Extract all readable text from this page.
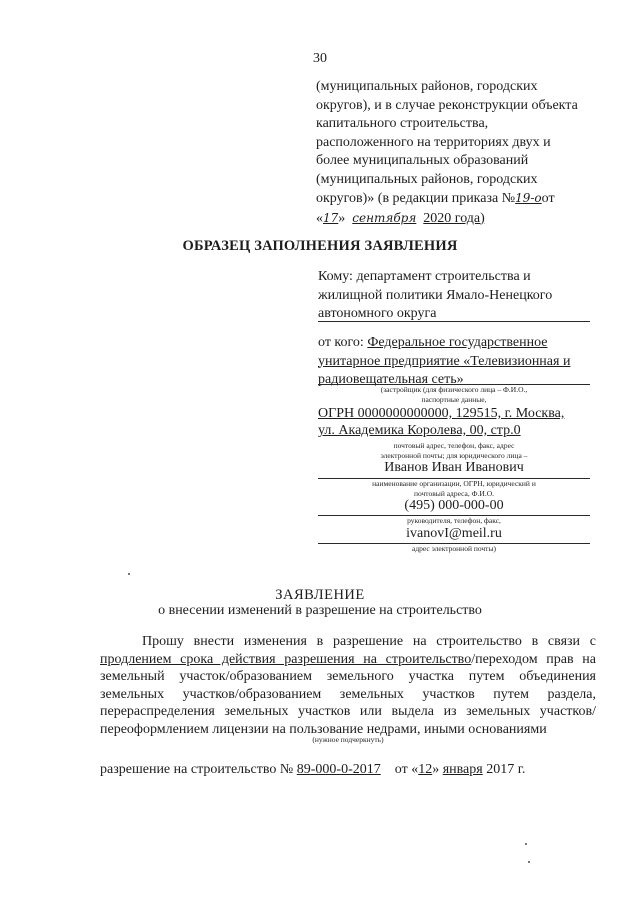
30
(муниципальных районов, городских
округов), и в случае реконструкции объекта
капитального строительства,
расположенного на территориях двух и
более муниципальных образований
(муниципальных районов, городских
округов)» (в редакции приказа №19-оот
«17» сентября 2020 года)
ОБРАЗЕЦ ЗАПОЛНЕНИЯ ЗАЯВЛЕНИЯ
Кому: департамент строительства и
жилищной политики Ямало-Ненецкого
автономного округа
от кого: Федеральное государственное
унитарное предприятие «Телевизионная и
радиовещательная сеть»
(застройщик (для физического лица – Ф.И.О.,
паспортные данные,
ОГРН 0000000000000, 129515, г. Москва,
ул. Академика Королева, 00, стр.0
почтовый адрес, телефон, факс, адрес
электронной почты; для юридического лица –
Иванов Иван Иванович
наименование организации, ОГРН, юридический и
почтовый адреса, Ф.И.О.
(495) 000-000-00
руководителя, телефон, факс,
ivanovI@meil.ru
адрес электронной почты)
ЗАЯВЛЕНИЕ
о внесении изменений в разрешение на строительство

Прошу внести изменения в разрешение на строительство в связи с продлением срока действия разрешения на строительство/переходом прав на земельный участок/образованием земельного участка путем объединения земельных участков/образованием земельных участков путем раздела, перераспределения земельных участков или выдела из земельных участков/ переоформлением лицензии на пользование недрами, иными основаниями

(нужное подчеркнуть)
разрешение на строительство № 89-000-0-2017 от «12» января 2017 г.
